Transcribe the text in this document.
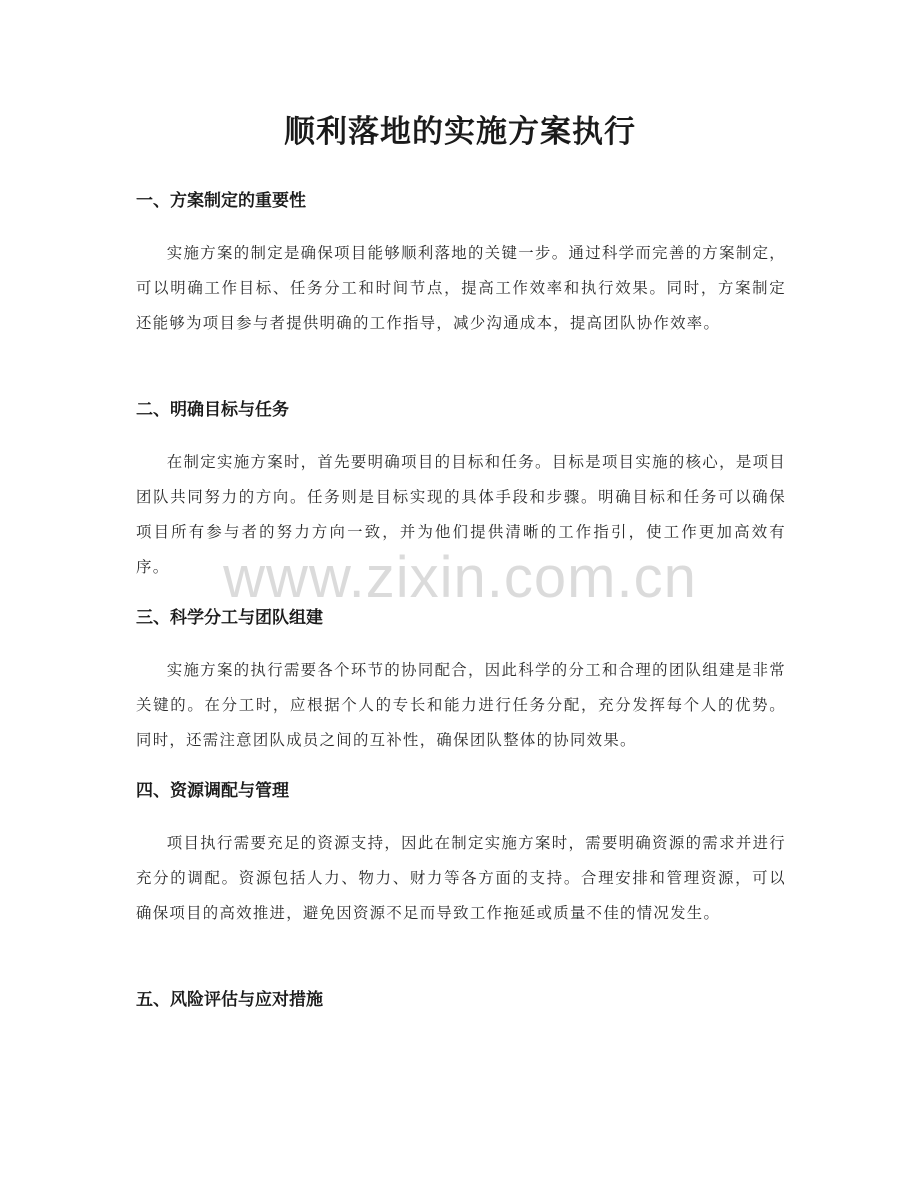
顺利落地的实施方案执行
一、方案制定的重要性

实施方案的制定是确保项目能够顺利落地的关键一步。通过科学而完善的方案制定，可以明确工作目标、任务分工和时间节点，提高工作效率和执行效果。同时，方案制定还能够为项目参与者提供明确的工作指导，减少沟通成本，提高团队协作效率。

二、明确目标与任务

在制定实施方案时，首先要明确项目的目标和任务。目标是项目实施的核心，是项目团队共同努力的方向。任务则是目标实现的具体手段和步骤。明确目标和任务可以确保项目所有参与者的努力方向一致，并为他们提供清晰的工作指引，使工作更加高效有序。

三、科学分工与团队组建

实施方案的执行需要各个环节的协同配合，因此科学的分工和合理的团队组建是非常关键的。在分工时，应根据个人的专长和能力进行任务分配，充分发挥每个人的优势。同时，还需注意团队成员之间的互补性，确保团队整体的协同效果。

四、资源调配与管理

项目执行需要充足的资源支持，因此在制定实施方案时，需要明确资源的需求并进行充分的调配。资源包括人力、物力、财力等各方面的支持。合理安排和管理资源，可以确保项目的高效推进，避免因资源不足而导致工作拖延或质量不佳的情况发生。

五、风险评估与应对措施
www.zixin.com.cn
